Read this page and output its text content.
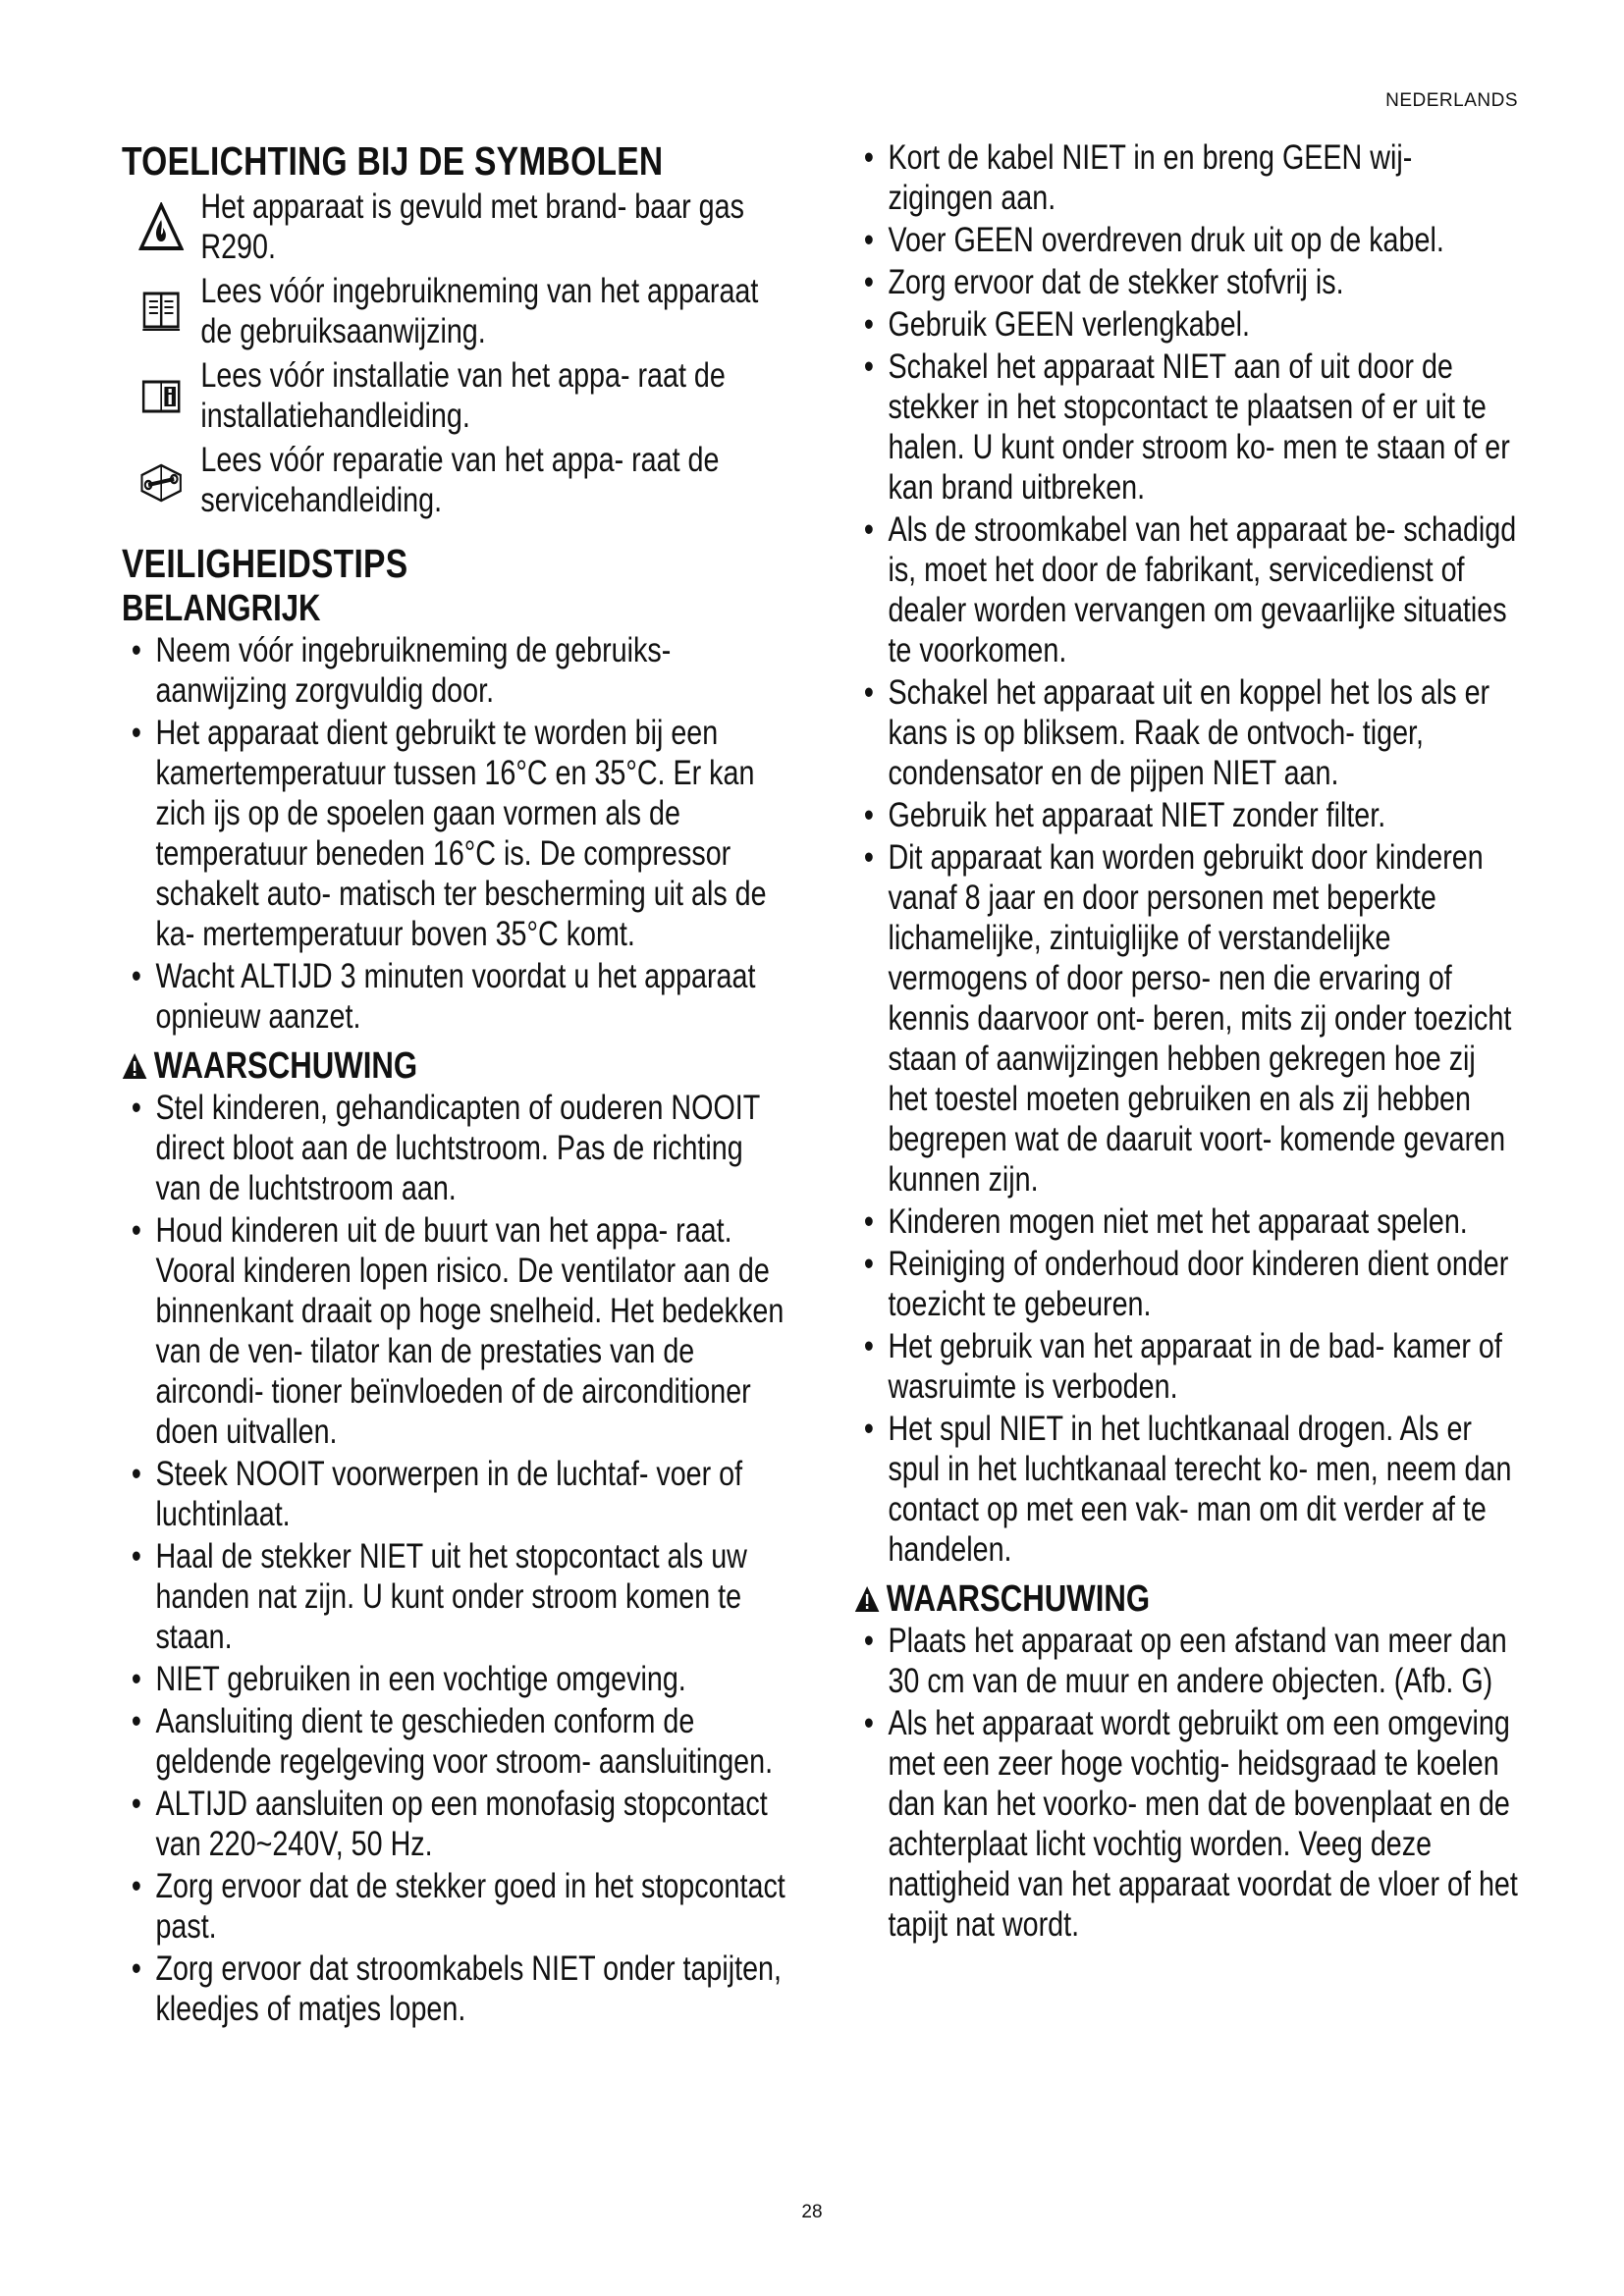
NEDERLANDS
TOELICHTING BIJ DE SYMBOLEN
Het apparaat is gevuld met brand- baar gas R290.
Lees vóór ingebruikneming van het apparaat de gebruiksaanwijzing.
Lees vóór installatie van het appa- raat de installatiehandleiding.
Lees vóór reparatie van het appa- raat de servicehandleiding.
VEILIGHEIDSTIPS
BELANGRIJK
• Neem vóór ingebruikneming de gebruiks- aanwijzing zorgvuldig door.
• Het apparaat dient gebruikt te worden bij een kamertemperatuur tussen 16°C en 35°C. Er kan zich ijs op de spoelen gaan vormen als de temperatuur beneden 16°C is. De compressor schakelt auto- matisch ter bescherming uit als de ka- mertemperatuur boven 35°C komt.
• Wacht ALTIJD 3 minuten voordat u het apparaat opnieuw aanzet.
WAARSCHUWING
• Stel kinderen, gehandicapten of ouderen NOOIT direct bloot aan de luchtstroom. Pas de richting van de luchtstroom aan.
• Houd kinderen uit de buurt van het appa- raat. Vooral kinderen lopen risico. De ventilator aan de binnenkant draait op hoge snelheid. Het bedekken van de ven- tilator kan de prestaties van de aircondi- tioner beïnvloeden of de airconditioner doen uitvallen.
• Steek NOOIT voorwerpen in de luchtaf- voer of luchtinlaat.
• Haal de stekker NIET uit het stopcontact als uw handen nat zijn. U kunt onder stroom komen te staan.
• NIET gebruiken in een vochtige omgeving.
• Aansluiting dient te geschieden conform de geldende regelgeving voor stroom- aansluitingen.
• ALTIJD aansluiten op een monofasig stopcontact van 220~240V, 50 Hz.
• Zorg ervoor dat de stekker goed in het stopcontact past.
• Zorg ervoor dat stroomkabels NIET onder tapijten, kleedjes of matjes lopen.
• Kort de kabel NIET in en breng GEEN wij- zigingen aan.
• Voer GEEN overdreven druk uit op de kabel.
• Zorg ervoor dat de stekker stofvrij is.
• Gebruik GEEN verlengkabel.
• Schakel het apparaat NIET aan of uit door de stekker in het stopcontact te plaatsen of er uit te halen. U kunt onder stroom ko- men te staan of er kan brand uitbreken.
• Als de stroomkabel van het apparaat be- schadigd is, moet het door de fabrikant, servicedienst of dealer worden vervangen om gevaarlijke situaties te voorkomen.
• Schakel het apparaat uit en koppel het los als er kans is op bliksem. Raak de ontvoch- tiger, condensator en de pijpen NIET aan.
• Gebruik het apparaat NIET zonder filter.
• Dit apparaat kan worden gebruikt door kinderen vanaf 8 jaar en door personen met beperkte lichamelijke, zintuiglijke of verstandelijke vermogens of door perso- nen die ervaring of kennis daarvoor ont- beren, mits zij onder toezicht staan of aanwijzingen hebben gekregen hoe zij het toestel moeten gebruiken en als zij hebben begrepen wat de daaruit voort- komende gevaren kunnen zijn.
• Kinderen mogen niet met het apparaat spelen.
• Reiniging of onderhoud door kinderen dient onder toezicht te gebeuren.
• Het gebruik van het apparaat in de bad- kamer of wasruimte is verboden.
• Het spul NIET in het luchtkanaal drogen. Als er spul in het luchtkanaal terecht ko- men, neem dan contact op met een vak- man om dit verder af te handelen.
WAARSCHUWING
• Plaats het apparaat op een afstand van meer dan 30 cm van de muur en andere objecten. (Afb. G)
• Als het apparaat wordt gebruikt om een omgeving met een zeer hoge vochtig- heidsgraad te koelen dan kan het voorko- men dat de bovenplaat en de achterplaat licht vochtig worden. Veeg deze nattigheid van het apparaat voordat de vloer of het tapijt nat wordt.
28
